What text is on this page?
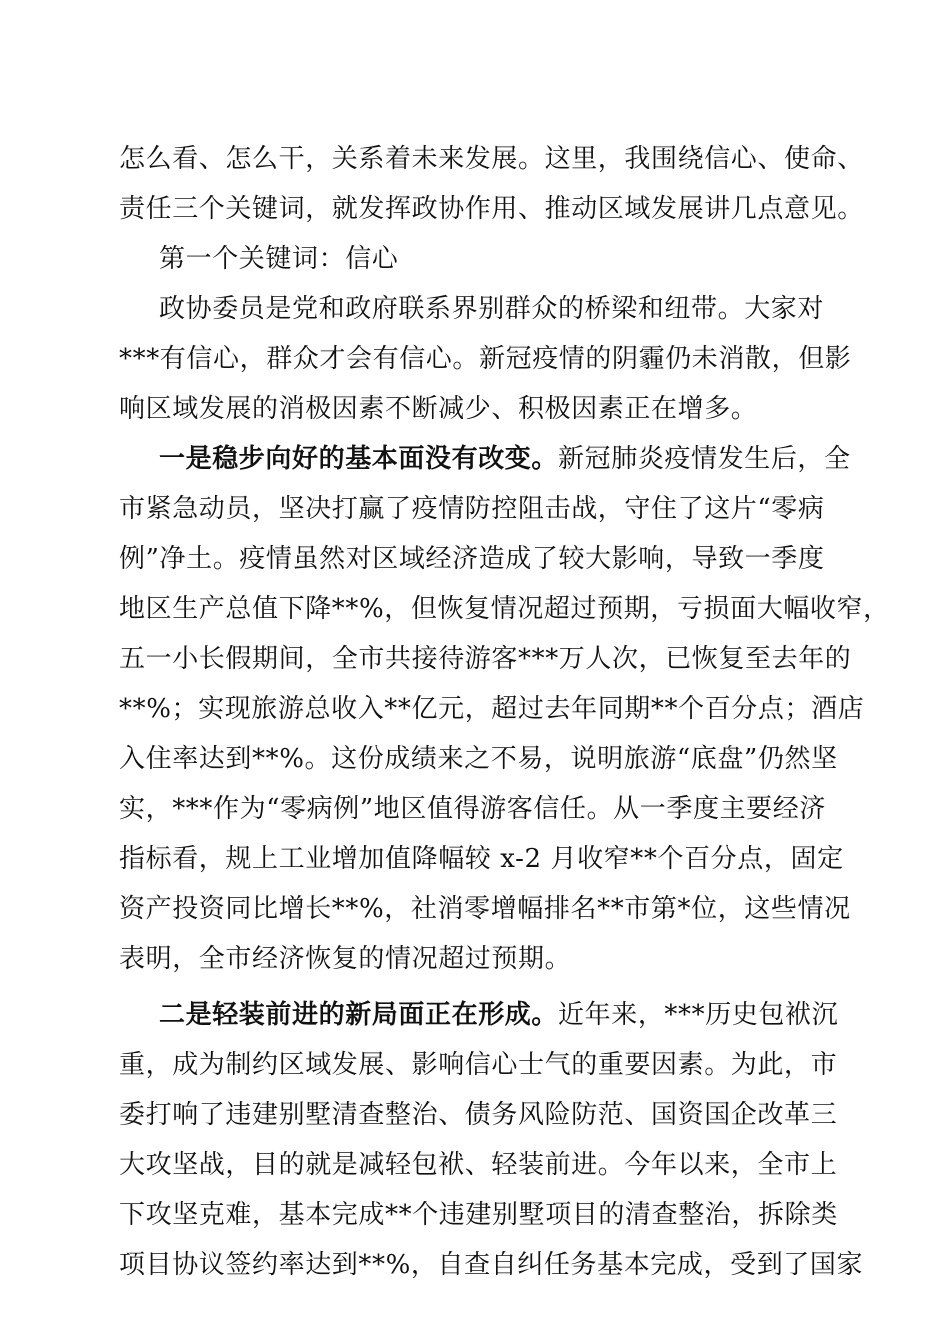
怎么看、怎么干，关系着未来发展。这里，我围绕信心、使命、
责任三个关键词，就发挥政协作用、推动区域发展讲几点意见。
第一个关键词：信心
政协委员是党和政府联系界别群众的桥梁和纽带。大家对
***有信心，群众才会有信心。新冠疫情的阴霾仍未消散，但影
响区域发展的消极因素不断减少、积极因素正在增多。
一是稳步向好的基本面没有改变。新冠肺炎疫情发生后，全
市紧急动员，坚决打赢了疫情防控阻击战，守住了这片“零病
例”净土。疫情虽然对区域经济造成了较大影响，导致一季度
地区生产总值下降**%，但恢复情况超过预期，亏损面大幅收窄，
五一小长假期间，全市共接待游客***万人次，已恢复至去年的
**%；实现旅游总收入**亿元，超过去年同期**个百分点；酒店
入住率达到**%。这份成绩来之不易，说明旅游“底盘”仍然坚
实，***作为“零病例”地区值得游客信任。从一季度主要经济
指标看，规上工业增加值降幅较 x-2 月收窄**个百分点，固定
资产投资同比增长**%，社消零增幅排名**市第*位，这些情况
表明，全市经济恢复的情况超过预期。
二是轻装前进的新局面正在形成。近年来，***历史包袱沉
重，成为制约区域发展、影响信心士气的重要因素。为此，市
委打响了违建别墅清查整治、债务风险防范、国资国企改革三
大攻坚战，目的就是减轻包袱、轻装前进。今年以来，全市上
下攻坚克难，基本完成**个违建别墅项目的清查整治，拆除类
项目协议签约率达到**%，自查自纠任务基本完成，受到了国家
